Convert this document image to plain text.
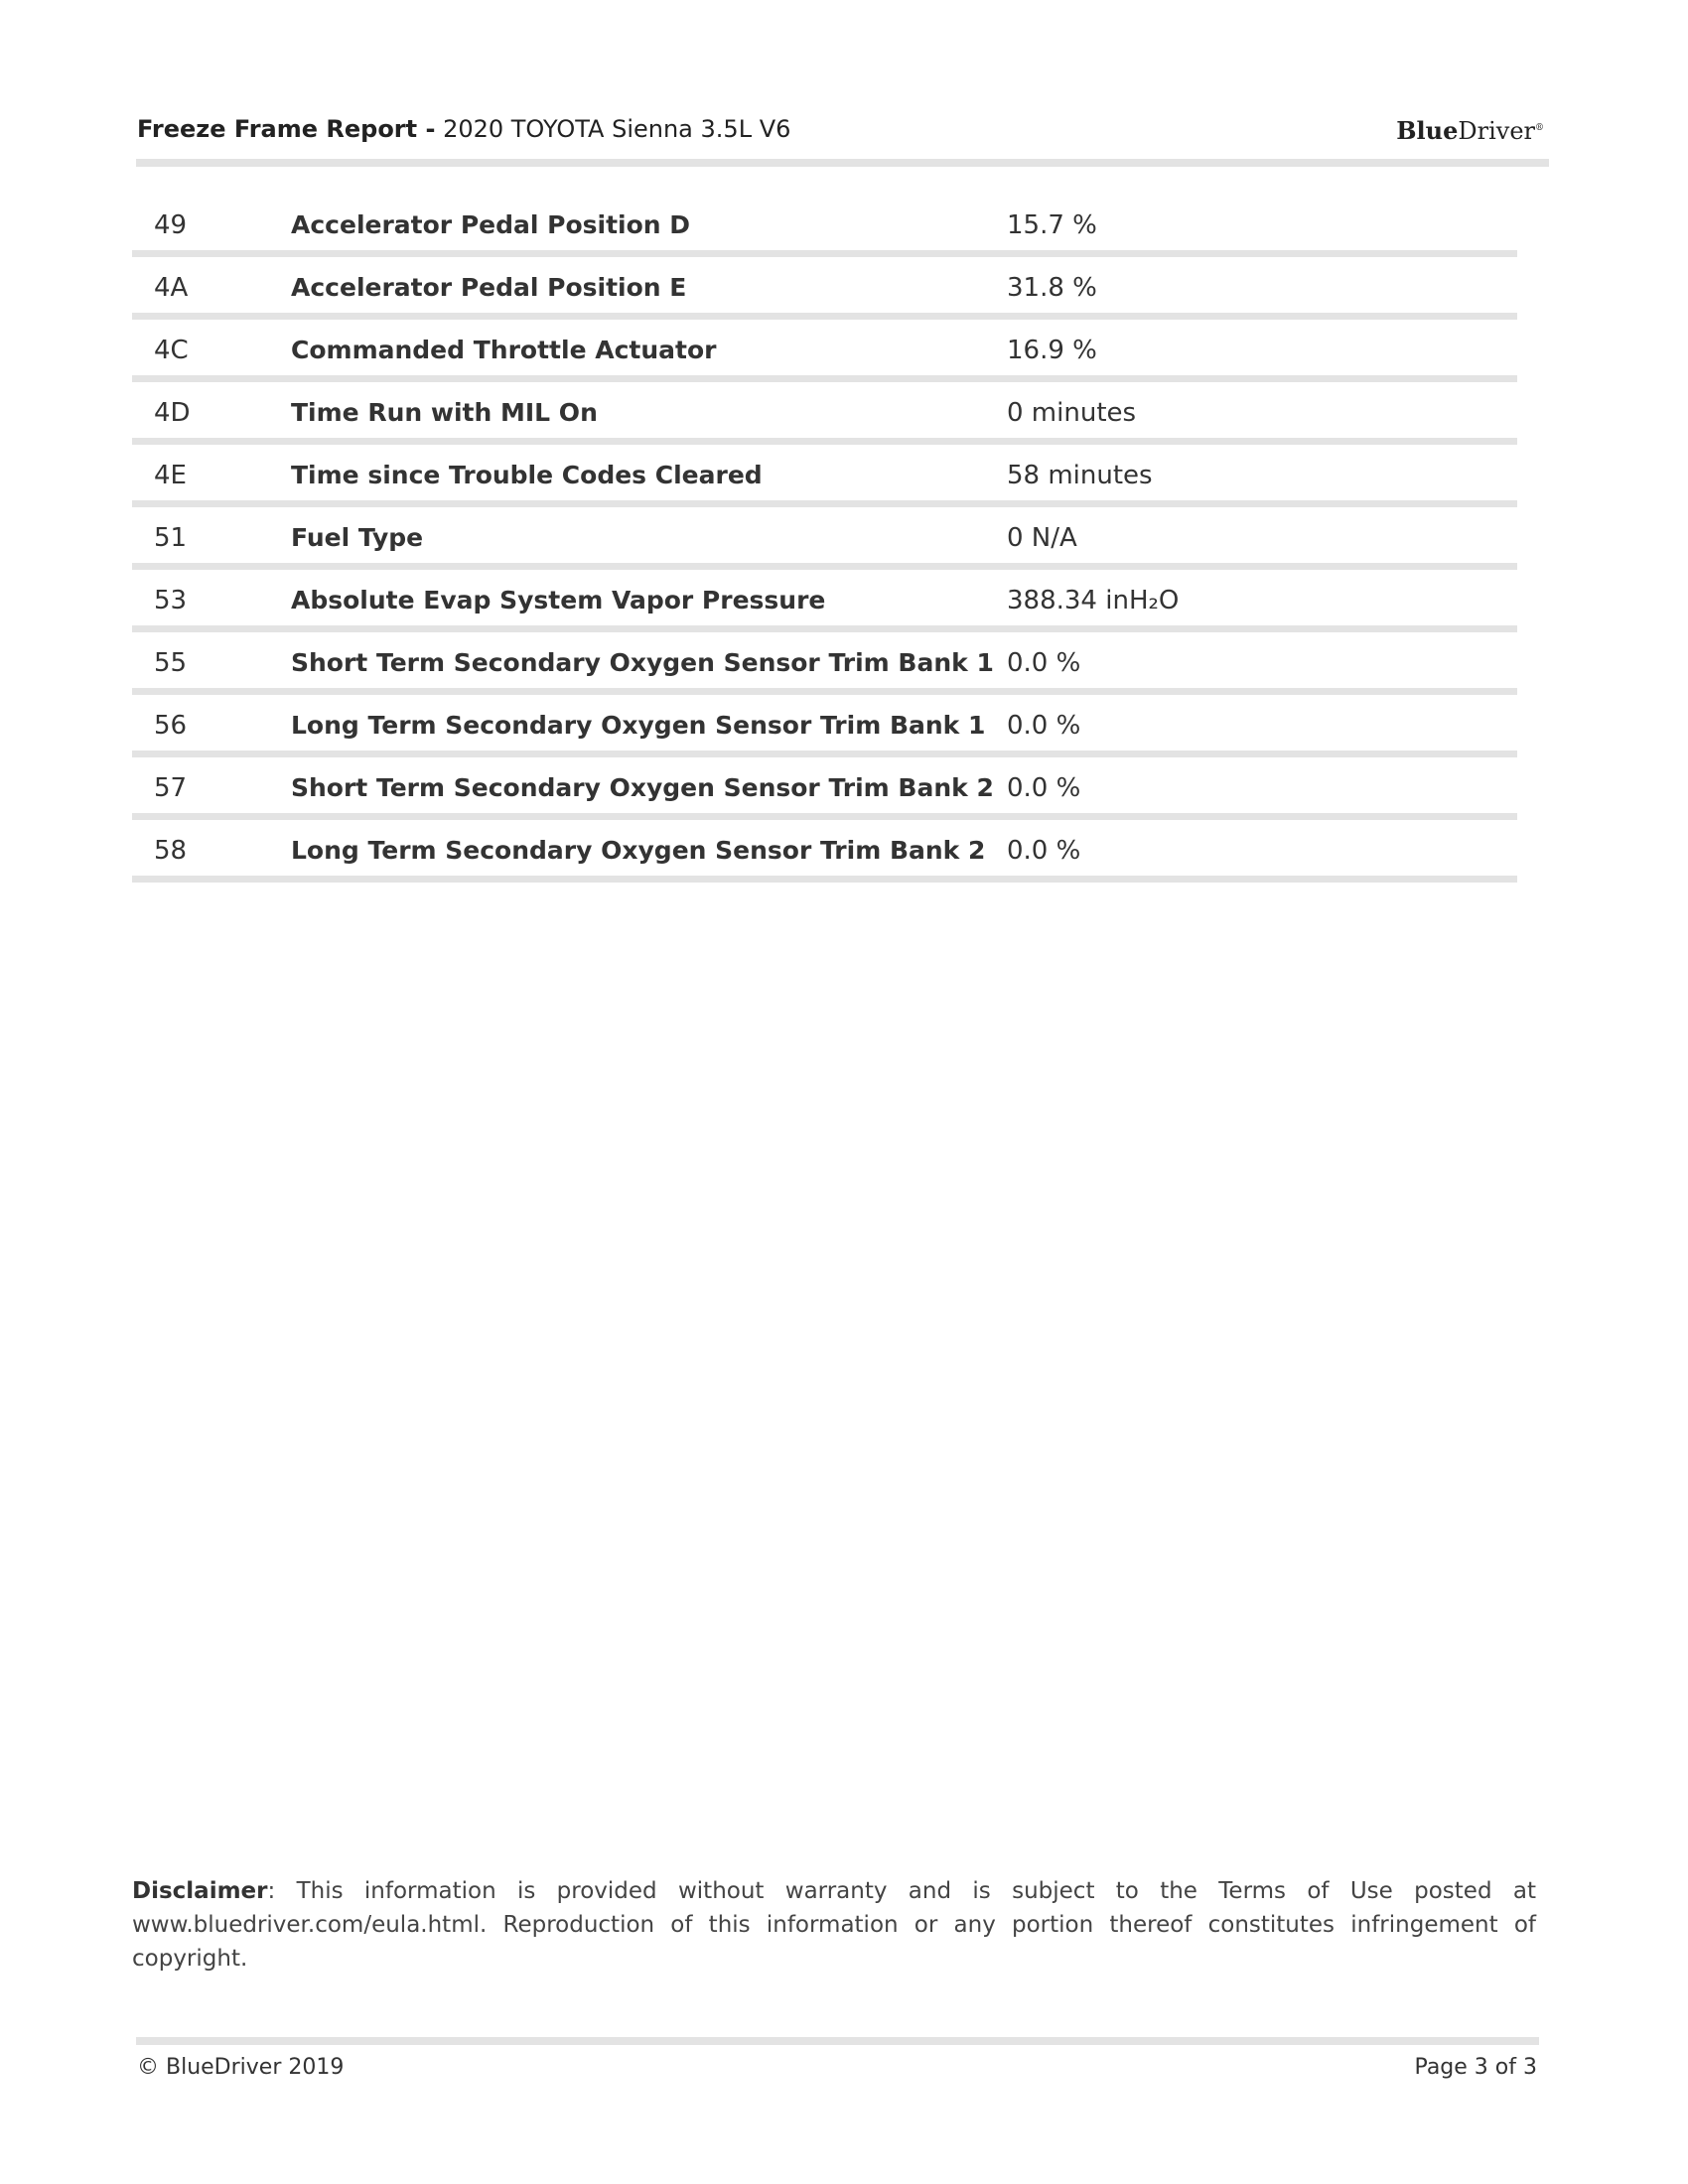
Freeze Frame Report - 2020 TOYOTA Sienna 3.5L V6	BlueDriver®
49	Accelerator Pedal Position D	15.7 %
4A	Accelerator Pedal Position E	31.8 %
4C	Commanded Throttle Actuator	16.9 %
4D	Time Run with MIL On	0 minutes
4E	Time since Trouble Codes Cleared	58 minutes
51	Fuel Type	0 N/A
53	Absolute Evap System Vapor Pressure	388.34 inH₂O
55	Short Term Secondary Oxygen Sensor Trim Bank 1 0.0 %
56	Long Term Secondary Oxygen Sensor Trim Bank 1 0.0 %
57	Short Term Secondary Oxygen Sensor Trim Bank 2 0.0 %
58	Long Term Secondary Oxygen Sensor Trim Bank 2 0.0 %
Disclaimer: This information is provided without warranty and is subject to the Terms of Use posted at www.bluedriver.com/eula.html. Reproduction of this information or any portion thereof constitutes infringement of copyright.
© BlueDriver 2019	Page 3 of 3
